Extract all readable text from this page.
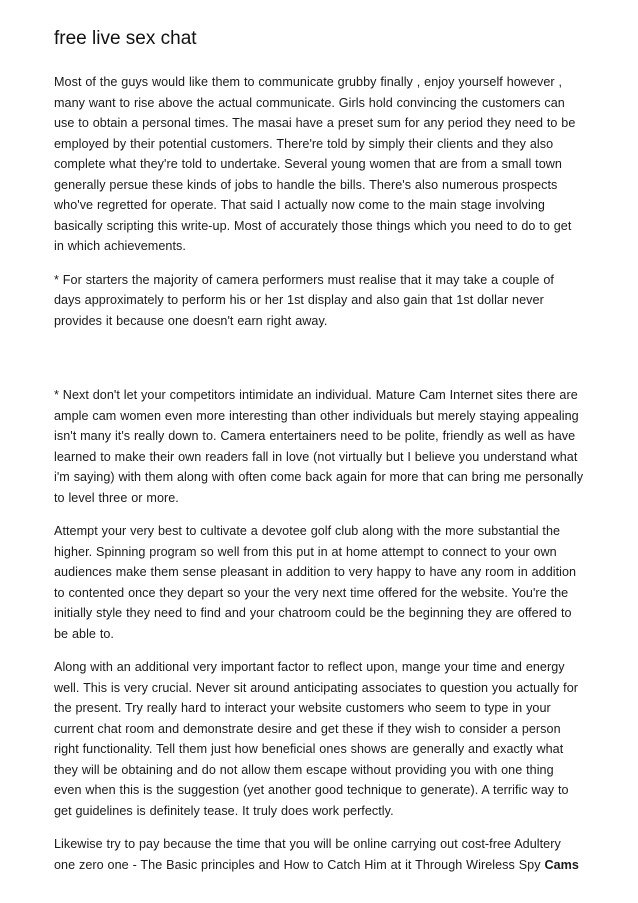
free live sex chat

Most of the guys would like them to communicate grubby finally , enjoy yourself however , many want to rise above the actual communicate. Girls hold convincing the customers can use to obtain a personal times. The masai have a preset sum for any period they need to be employed by their potential customers. There're told by simply their clients and they also complete what they're told to undertake. Several young women that are from a small town generally persue these kinds of jobs to handle the bills. There's also numerous prospects who've regretted for operate. That said I actually now come to the main stage involving basically scripting this write-up. Most of accurately those things which you need to do to get in which achievements.

* For starters the majority of camera performers must realise that it may take a couple of days approximately to perform his or her 1st display and also gain that 1st dollar never provides it because one doesn't earn right away.

* Next don't let your competitors intimidate an individual. Mature Cam Internet sites there are ample cam women even more interesting than other individuals but merely staying appealing isn't many it's really down to. Camera entertainers need to be polite, friendly as well as have learned to make their own readers fall in love (not virtually but I believe you understand what i'm saying) with them along with often come back again for more that can bring me personally to level three or more.

Attempt your very best to cultivate a devotee golf club along with the more substantial the higher. Spinning program so well from this put in at home attempt to connect to your own audiences make them sense pleasant in addition to very happy to have any room in addition to contented once they depart so your the very next time offered for the website. You're the initially style they need to find and your chatroom could be the beginning they are offered to be able to.

Along with an additional very important factor to reflect upon, mange your time and energy well. This is very crucial. Never sit around anticipating associates to question you actually for the present. Try really hard to interact your website customers who seem to type in your current chat room and demonstrate desire and get these if they wish to consider a person right functionality. Tell them just how beneficial ones shows are generally and exactly what they will be obtaining and do not allow them escape without providing you with one thing even when this is the suggestion (yet another good technique to generate). A terrific way to get guidelines is definitely tease. It truly does work perfectly.

Likewise try to pay because the time that you will be online carrying out cost-free Adultery one zero one - The Basic principles and How to Catch Him at it Through Wireless Spy Cams
